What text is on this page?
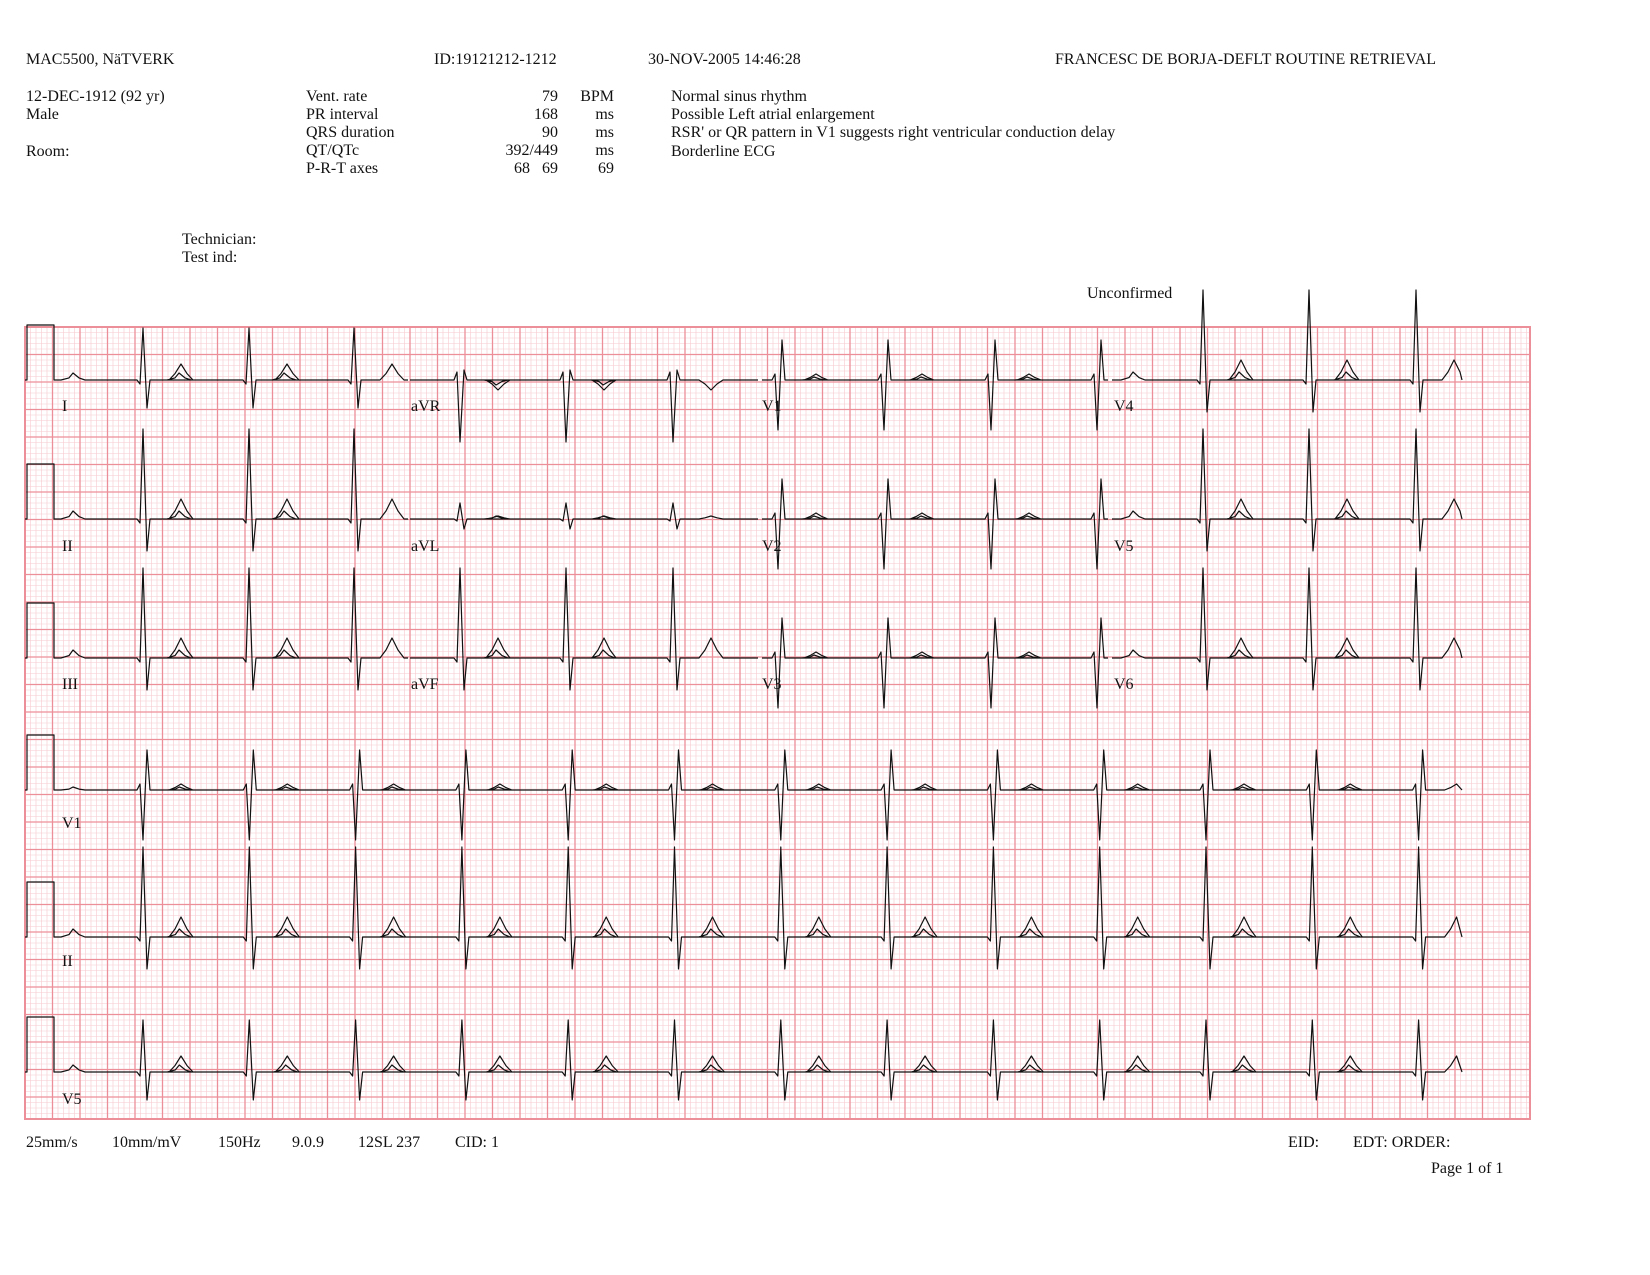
MAC5500, NäTVERK	ID:19121212-1212	30-NOV-2005 14:46:28	FRANCESC DE BORJA-DEFLT ROUTINE RETRIEVAL
12-DEC-1912 (92 yr)
Male
Room:
Vent. rate	79	BPM
PR interval	168	ms
QRS duration	90	ms
QT/QTc	392/449	ms
P-R-T axes	68   69	69
Normal sinus rhythm
Possible Left atrial enlargement
RSR' or QR pattern in V1 suggests right ventricular conduction delay
Borderline ECG
Technician:
Test ind:
Unconfirmed
I	aVR	V1	V4
II	aVL	V2	V5
III	aVF	V3	V6
V1
II
V5
25mm/s 10mm/mV 150Hz 9.0.9 12SL 237 CID: 1	EID: EDT: ORDER:
Page 1 of 1
